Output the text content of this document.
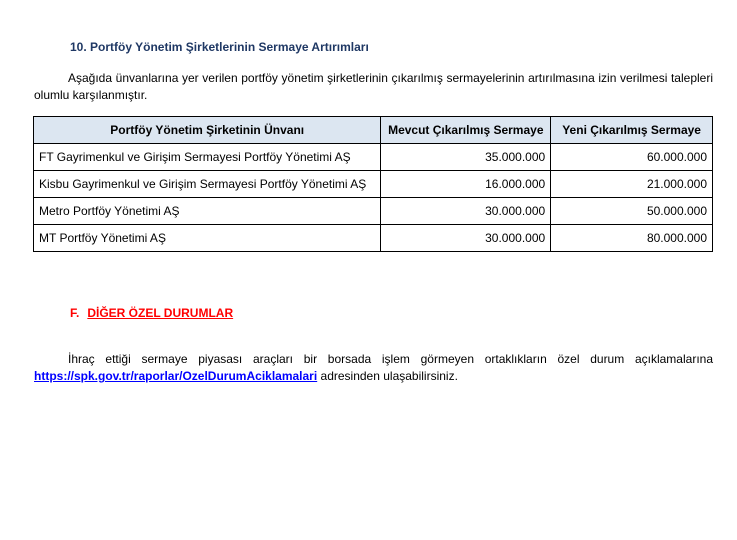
10. Portföy Yönetim Şirketlerinin Sermaye Artırımları
Aşağıda ünvanlarına yer verilen portföy yönetim şirketlerinin çıkarılmış sermayelerinin artırılmasına izin verilmesi talepleri olumlu karşılanmıştır.
Portföy Yönetim Şirketinin Ünvanı	Mevcut Çıkarılmış Sermaye	Yeni Çıkarılmış Sermaye
FT Gayrimenkul ve Girişim Sermayesi Portföy Yönetimi AŞ	35.000.000	60.000.000
Kisbu Gayrimenkul ve Girişim Sermayesi Portföy Yönetimi AŞ	16.000.000	21.000.000
Metro Portföy Yönetimi AŞ	30.000.000	50.000.000
MT Portföy Yönetimi AŞ	30.000.000	80.000.000
F. DİĞER ÖZEL DURUMLAR
İhraç ettiği sermaye piyasası araçları bir borsada işlem görmeyen ortaklıkların özel durum açıklamalarına https://spk.gov.tr/raporlar/OzelDurumAciklamalari adresinden ulaşabilirsiniz.
